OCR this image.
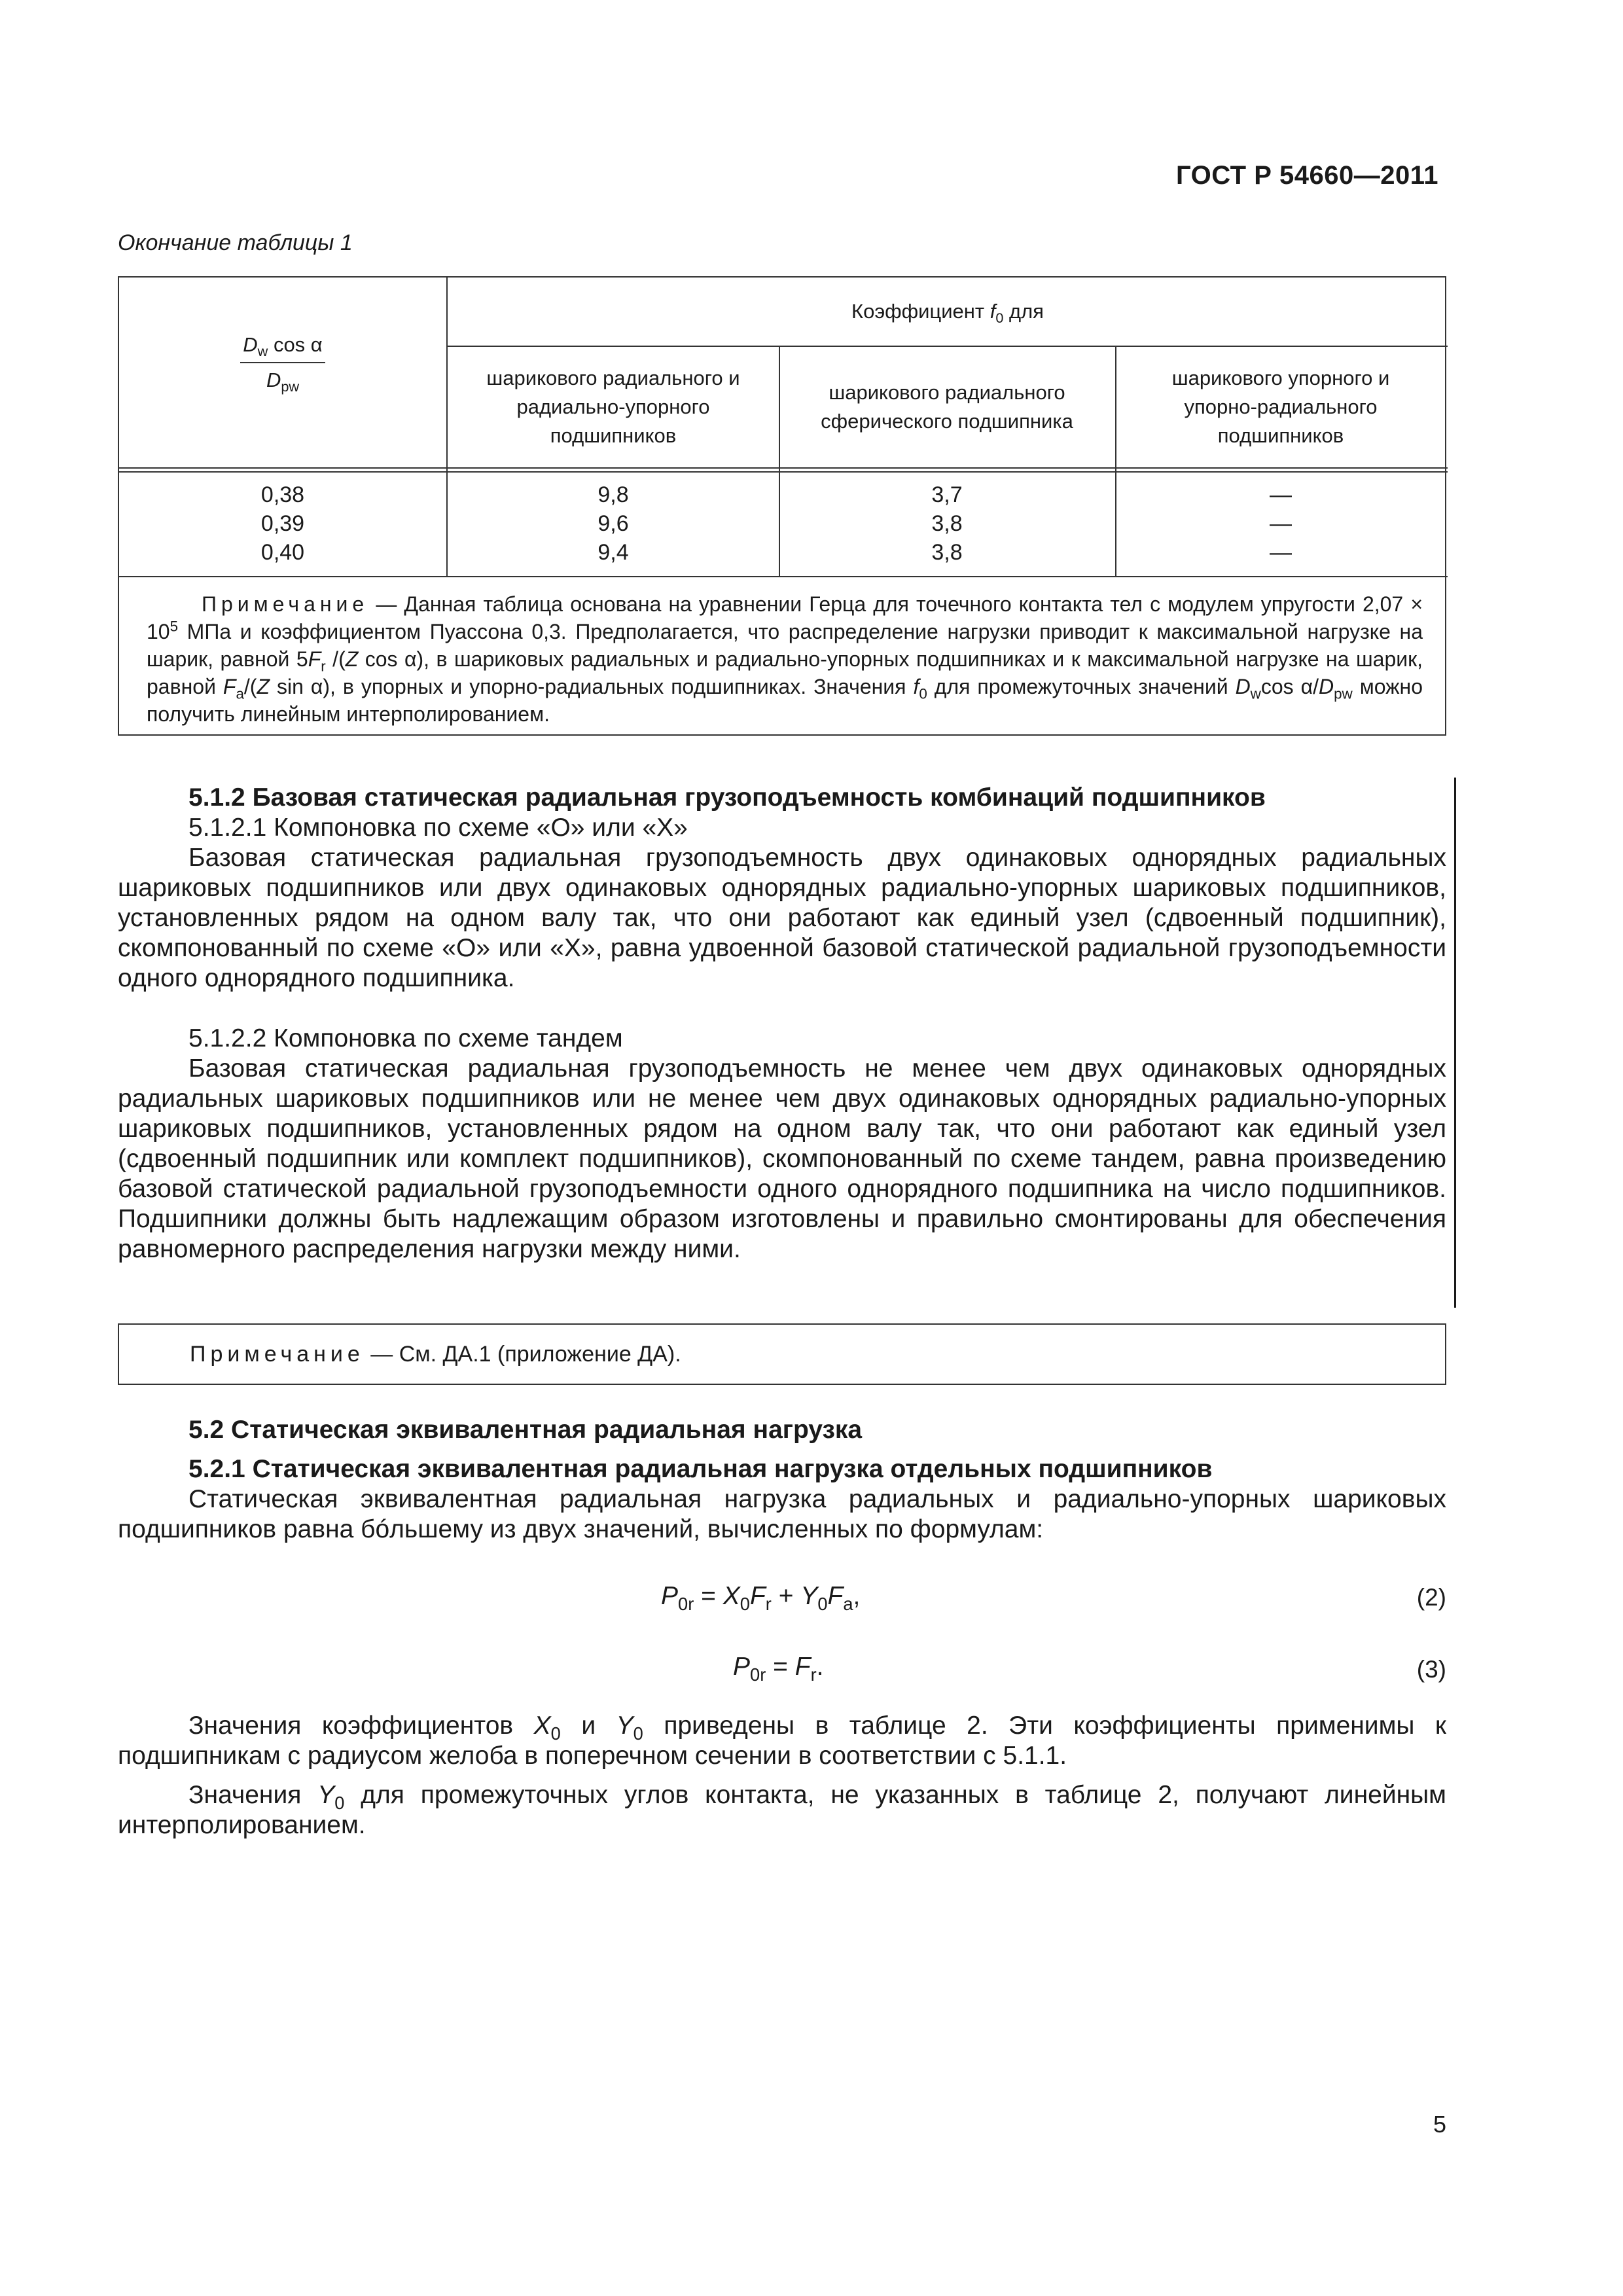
ГОСТ Р 54660—2011
Окончание таблицы 1
$\frac{D_w \cos \alpha}{D_{pw}}$
Коэффициент $f_0$ для
шарикового радиального и радиально-упорного подшипников
шарикового радиального сферического подшипника
шарикового упорного и упорно-радиального подшипников
0,38
0,39
0,40
9,8
9,6
9,4
3,7
3,8
3,8
—
—
—
Примечание — Данная таблица основана на уравнении Герца для точечного контакта тел с модулем упругости $2,07 \times 10^5$ МПа и коэффициентом Пуассона 0,3. Предполагается, что распределение нагрузки приводит к максимальной нагрузке на шарик, равной $5F_r$ /(Z cos α), в шариковых радиальных и радиально-упорных подшипниках и к максимальной нагрузке на шарик, равной $F_a/(Z$ sin α), в упорных и упорно-радиальных подшипниках. Значения $f_0$ для промежуточных значений $D_w\cos$ $\alpha/D_{pw}$ можно получить линейным интерполированием.
5.1.2 Базовая статическая радиальная грузоподъемность комбинаций подшипников
5.1.2.1 Компоновка по схеме «О» или «Х»
Базовая статическая радиальная грузоподъемность двух одинаковых однорядных радиальных шариковых подшипников или двух одинаковых однорядных радиально-упорных шариковых подшипников, установленных рядом на одном валу так, что они работают как единый узел (сдвоенный подшипник), скомпонованный по схеме «О» или «Х», равна удвоенной базовой статической радиальной грузоподъемности одного однорядного подшипника.
5.1.2.2 Компоновка по схеме тандем
Базовая статическая радиальная грузоподъемность не менее чем двух одинаковых однорядных радиальных шариковых подшипников или не менее чем двух одинаковых однорядных радиально-упорных шариковых подшипников, установленных рядом на одном валу так, что они работают как единый узел (сдвоенный подшипник или комплект подшипников), скомпонованный по схеме тандем, равна произведению базовой статической радиальной грузоподъемности одного однорядного подшипника на число подшипников. Подшипники должны быть надлежащим образом изготовлены и правильно смонтированы для обеспечения равномерного распределения нагрузки между ними.
Примечание — См. ДА.1 (приложение ДА).
5.2 Статическая эквивалентная радиальная нагрузка
5.2.1 Статическая эквивалентная радиальная нагрузка отдельных подшипников
Статическая эквивалентная радиальная нагрузка радиальных и радиально-упорных шариковых подшипников равна бóльшему из двух значений, вычисленных по формулам:
$P_{0r} = X_0F_r + Y_0F_a$,	(2)
$P_{0r} = F_r$.	(3)
Значения коэффициентов $X_0$ и $Y_0$ приведены в таблице 2. Эти коэффициенты применимы к подшипникам с радиусом желоба в поперечном сечении в соответствии с 5.1.1.
Значения $Y_0$ для промежуточных углов контакта, не указанных в таблице 2, получают линейным интерполированием.
5
